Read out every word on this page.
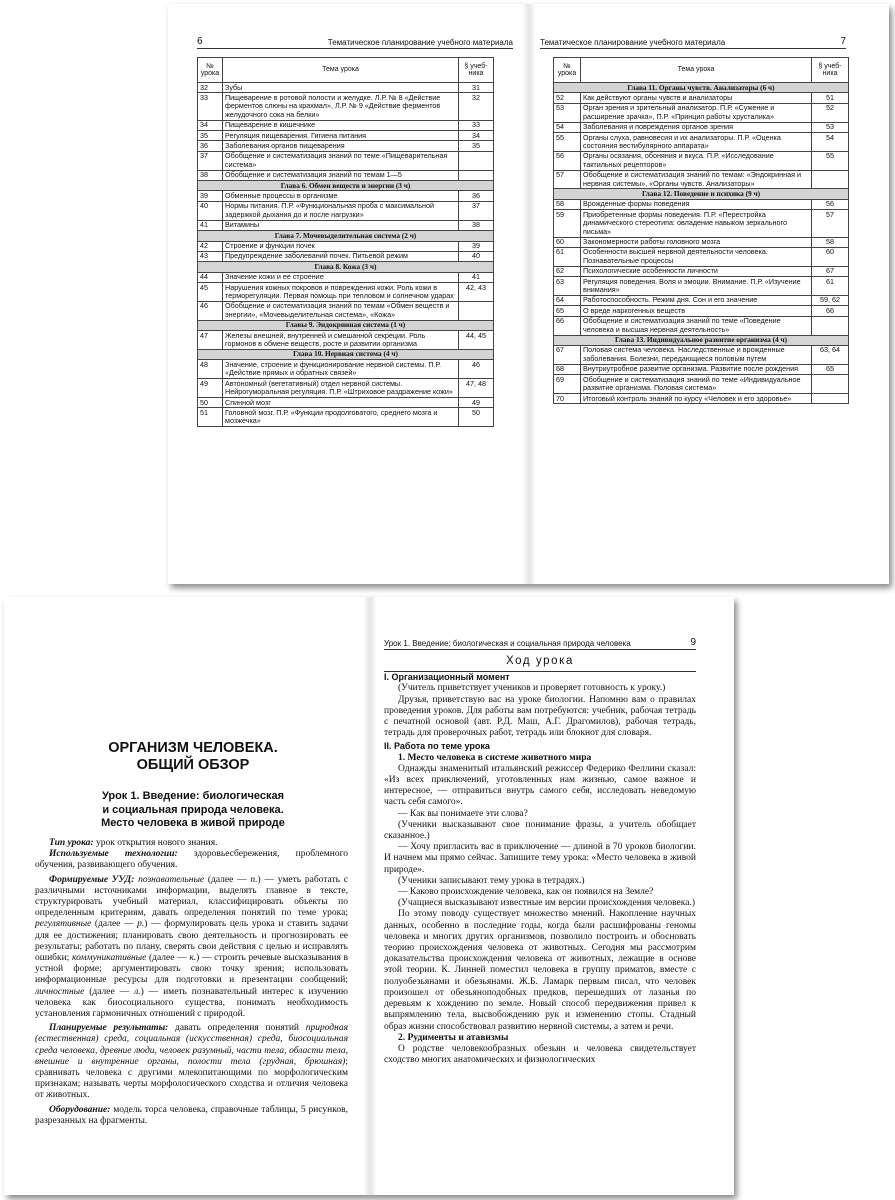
6	Тематическое планирование учебного материала
№ урока	Тема урока	§ учеб-ника
32	Зубы	31
33	Пищеварение в ротовой полости и желудке. Л.Р. № 8 «Действие ферментов слюны на крахмал», Л.Р. № 9 «Действие ферментов желудочного сока на белки»	32
34	Пищеварение в кишечнике	33
35	Регуляция пищеварения. Гигиена питания	34
36	Заболевания органов пищеварения	35
37	Обобщение и систематизация знаний по теме «Пищеварительная система»	
38	Обобщение и систематизация знаний по темам 1—5	
Глава 6. Обмен веществ и энергии (3 ч)		
39	Обменные процессы в организме	36
40	Нормы питания. П.Р. «Функциональная проба с максимальной задержкой дыхания до и после нагрузки»	37
41	Витамины	38
Глава 7. Мочевыделительная система (2 ч)		
42	Строение и функции почек	39
43	Предупреждение заболеваний почек. Питьевой режим	40
Глава 8. Кожа (3 ч)		
44	Значение кожи и ее строение	41
45	Нарушения кожных покровов и повреждения кожи. Роль кожи в терморегуляции. Первая помощь при тепловом и солнечном ударах	42, 43
46	Обобщение и систематизация знаний по темам «Обмен веществ и энергии», «Мочевыделительная система», «Кожа»	
Главы 9. Эндокринная система (1 ч)		
47	Железы внешней, внутренней и смешанной секреции. Роль гормонов в обмене веществ, росте и развитии организма	44, 45
Глава 10. Нервная система (4 ч)		
48	Значение, строение и функционирование нервной системы. П.Р. «Действие прямых и обратных связей»	46
49	Автономный (вегетативный) отдел нервной системы. Нейрогуморальная регуляция. П.Р. «Штриховое раздражение кожи»	47, 48
50	Спинной мозг	49
51	Головной мозг. П.Р. «Функции продолговатого, среднего мозга и мозжечка»	50
Тематическое планирование учебного материала	7
№ урока	Тема урока	§ учеб-ника
Глава 11. Органы чувств. Анализаторы (6 ч)		
52	Как действуют органы чувств и анализаторы	51
53	Орган зрения и зрительный анализатор. П.Р. «Сужение и расширение зрачка», П.Р. «Принцип работы хрусталика»	52
54	Заболевания и повреждения органов зрения	53
55	Органы слуха, равновесия и их анализаторы. П.Р. «Оценка состояния вестибулярного аппарата»	54
56	Органы осязания, обоняния и вкуса. П.Р. «Исследование тактильных рецепторов»	55
57	Обобщение и систематизация знаний по темам: «Эндокринная и нервная системы», «Органы чувств. Анализаторы»	
Глава 12. Поведение и психика (9 ч)		
58	Врожденные формы поведения	56
59	Приобретенные формы поведения. П.Р. «Перестройка динамического стереотипа: овладение навыком зеркального письма»	57
60	Закономерности работы головного мозга	58
61	Особенности высшей нервной деятельности человека. Познавательные процессы	60
62	Психологические особенности личности	67
63	Регуляция поведения. Воля и эмоции. Внимание. П.Р. «Изучение внимания»	61
64	Работоспособность. Режим дня. Сон и его значение	59, 62
65	О вреде наркогенных веществ	66
66	Обобщение и систематизация знаний по теме «Поведение человека и высшая нервная деятельность»	
Глава 13. Индивидуальное развитие организма (4 ч)		
67	Половая система человека. Наследственные и врожденные заболевания. Болезни, передающиеся половым путем	63, 64
68	Внутриутробное развитие организма. Развитие после рождения	65
69	Обобщение и систематизация знаний по теме «Индивидуальное развитие организма. Половая система»	
70	Итоговый контроль знаний по курсу «Человек и его здоровье»	
ОРГАНИЗМ ЧЕЛОВЕКА.
ОБЩИЙ ОБЗОР
Урок 1. Введение: биологическая
и социальная природа человека.
Место человека в живой природе

Тип урока: урок открытия нового знания.

Используемые технологии: здоровьесбережения, проблемного обучения, развивающего обучения.

Формируемые УУД: познавательные (далее — п.) — уметь работать с различными источниками информации, выделять главное в тексте, структурировать учебный материал, классифицировать объекты по определенным критериям, давать определения понятий по теме урока; регулятивные (далее — р.) — формулировать цель урока и ставить задачи для ее достижения; планировать свою деятельность и прогнозировать ее результаты; работать по плану, сверять свои действия с целью и исправлять ошибки; коммуникативные (далее — к.) — строить речевые высказывания в устной форме; аргументировать свою точку зрения; использовать информационные ресурсы для подготовки и презентации сообщений; личностные (далее — л.) — иметь познавательный интерес к изучению человека как биосоциального существа, понимать необходимость установления гармоничных отношений с природой.

Планируемые результаты: давать определения понятий природная (естественная) среда, социальная (искусственная) среда, биосоциальная среда человека, древние люди, человек разумный, части тела, области тела, внешние и внутренние органы, полости тела (грудная, брюшная); сравнивать человека с другими млекопитающими по морфологическим признакам; называть черты морфологического сходства и отличия человека от животных.

Оборудование: модель торса человека, справочные таблицы, 5 рисунков, разрезанных на фрагменты.

Урок 1. Введение: биологическая и социальная природа человека	9

Ход урока

I. Организационный момент

(Учитель приветствует учеников и проверяет готовность к уроку.)

Друзья, приветствую вас на уроке биологии. Напомню вам о правилах проведения уроков. Для работы вам потребуются: учебник, рабочая тетрадь с печатной основой (авт. Р.Д. Маш, А.Г. Драгомилов), рабочая тетрадь, тетрадь для проверочных работ, тетрадь или блокнот для словаря.

II. Работа по теме урока

1. Место человека в системе животного мира

Однажды знаменитый итальянский режиссер Федерико Феллини сказал: «Из всех приключений, уготовленных нам жизнью, самое важное и интересное, — отправиться внутрь самого себя, исследовать неведомую часть себя самого».

— Как вы понимаете эти слова?

(Ученики высказывают свое понимание фразы, а учитель обобщает сказанное.)

— Хочу пригласить вас в приключение — длиной в 70 уроков биологии. И начнем мы прямо сейчас. Запишите тему урока: «Место человека в живой природе».

(Ученики записывают тему урока в тетрадях.)

— Каково происхождение человека, как он появился на Земле?

(Учащиеся высказывают известные им версии происхождения человека.)

По этому поводу существует множество мнений. Накопление научных данных, особенно в последние годы, когда были расшифрованы геномы человека и многих других организмов, позволило построить и обосновать теорию происхождения человека от животных. Сегодня мы рассмотрим доказательства происхождения человека от животных, лежащие в основе этой теории. К. Линней поместил человека в группу приматов, вместе с полуобезьянами и обезьянами. Ж.Б. Ламарк первым писал, что человек произошел от обезьяноподобных предков, перешедших от лазанья по деревьям к хождению по земле. Новый способ передвижения привел к выпрямлению тела, высвобождению рук и изменению стопы. Стадный образ жизни способствовал развитию нервной системы, а затем и речи.

2. Рудименты и атавизмы

О родстве человекообразных обезьян и человека свидетельствует сходство многих анатомических и физиологических
